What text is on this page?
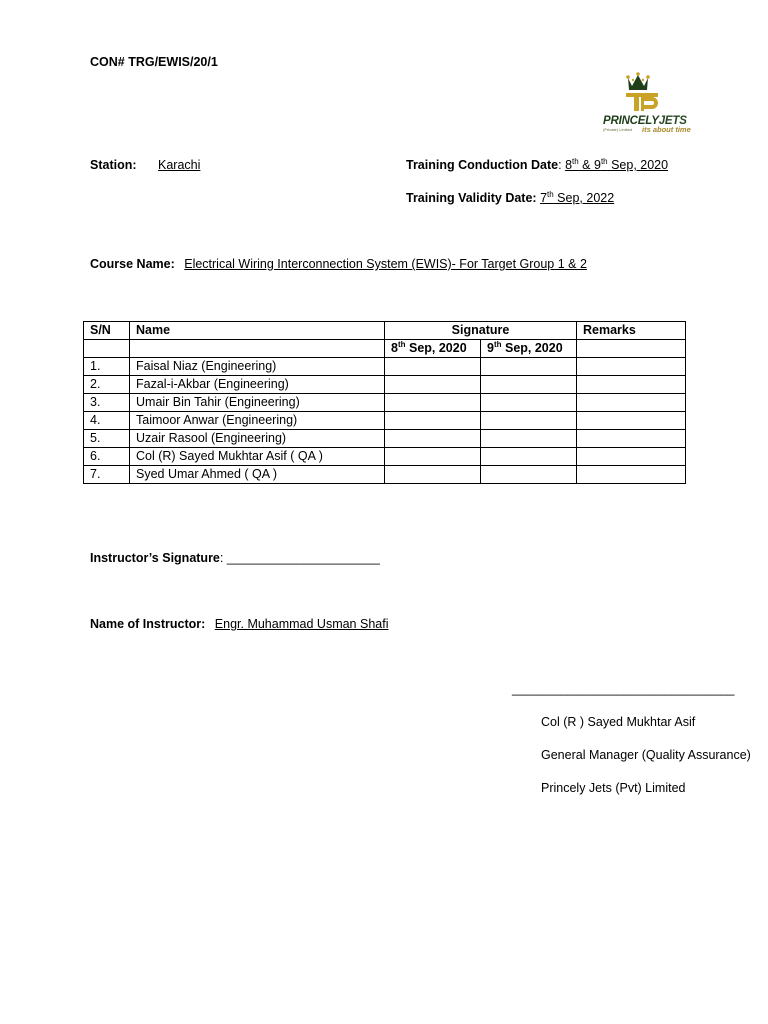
CON# TRG/EWIS/20/1
PRINCELYJETS
(Private) Limited its about time
Station: Karachi	Training Conduction Date: 8th & 9th Sep, 2020
Training Validity Date: 7th Sep, 2022
Course Name: Electrical Wiring Interconnection System (EWIS)- For Target Group 1 & 2
S/N	Name	Signature		Remarks
		8th Sep, 2020	9th Sep, 2020	
1.	Faisal Niaz (Engineering)			
2.	Fazal-i-Akbar (Engineering)			
3.	Umair Bin Tahir (Engineering)			
4.	Taimoor Anwar (Engineering)			
5.	Uzair Rasool (Engineering)			
6.	Col (R) Sayed Mukhtar Asif ( QA )			
7.	Syed Umar Ahmed ( QA )			
Instructor’s Signature: ______________________
Name of Instructor: Engr. Muhammad Usman Shafi
________________________________
Col (R ) Sayed Mukhtar Asif
General Manager (Quality Assurance)
Princely Jets (Pvt) Limited
